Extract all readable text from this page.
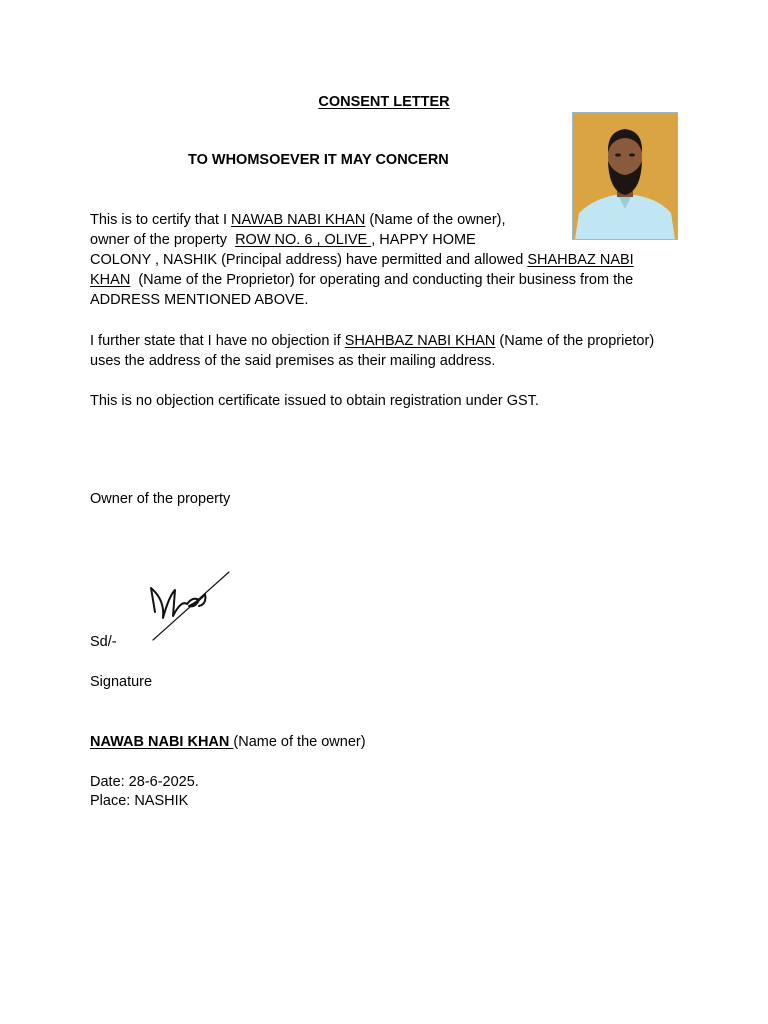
CONSENT LETTER
TO WHOMSOEVER IT MAY CONCERN
This is to certify that I NAWAB NABI KHAN (Name of the owner),
owner of the property  ROW NO. 6 , OLIVE , HAPPY HOME
COLONY , NASHIK (Principal address) have permitted and allowed SHAHBAZ NABI
KHAN  (Name of the Proprietor) for operating and conducting their business from the
ADDRESS MENTIONED ABOVE.
I further state that I have no objection if SHAHBAZ NABI KHAN (Name of the proprietor)
uses the address of the said premises as their mailing address.
This is no objection certificate issued to obtain registration under GST.
Owner of the property
Sd/-
Signature
NAWAB NABI KHAN (Name of the owner)
Date: 28-6-2025.
Place: NASHIK
